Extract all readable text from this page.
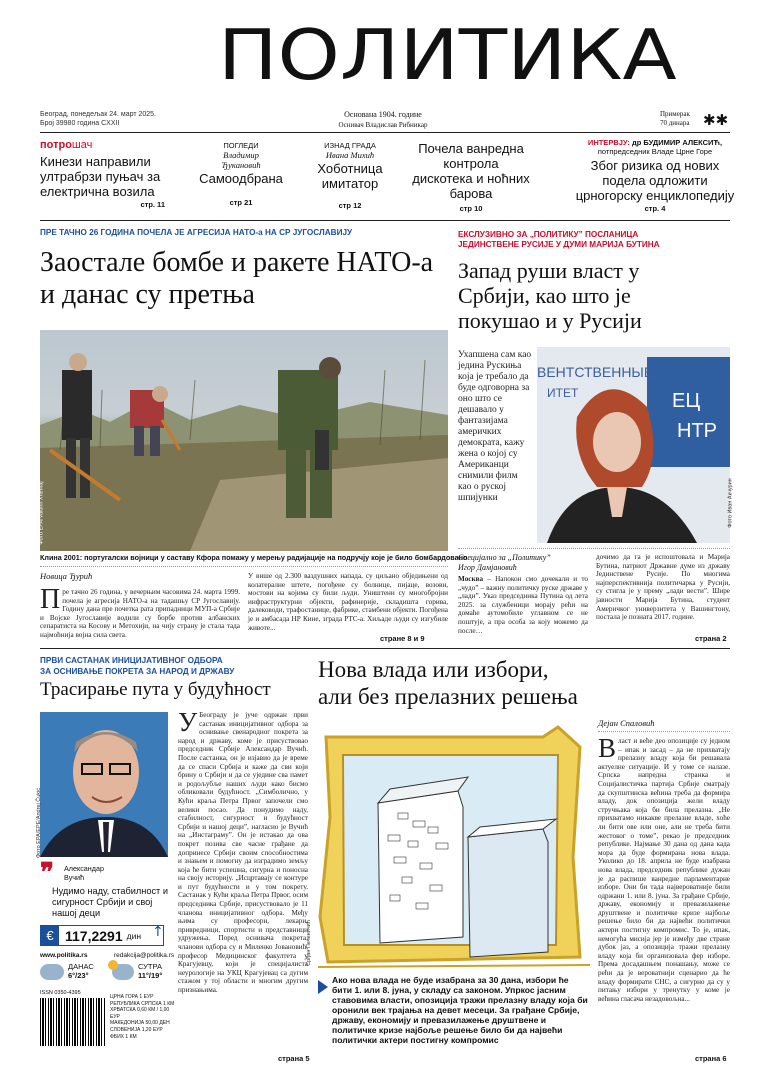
ПОЛИТИКА
Београд, понедељак 24. март 2025.
Број 39980 година CXXII
Основана 1904. године
Оснивач Владислав Рибникар
Примерак
70 динара ✱✱
потрошач
Кинези направили ултрабрзи пуњач за електрична возила
стр. 11
ПОГЛЕДИ
Владимир Ђукановић
Самоодбрана
стр 21
ИЗНАД ГРАДА
Ивана Михић
Хоботница имитатор
стр 12
Почела ванредна контрола дискотека и ноћних барова
стр 10
ИНТЕРВЈУ: др БУДИМИР АЛЕКСИЋ,
потпредседник Владе Црне Горе
Због ризика од нових подела одложити црногорску енциклопедију
стр. 4
ПРЕ ТАЧНО 26 ГОДИНА ПОЧЕЛА ЈЕ АГРЕСИЈА НАТО-а НА СР ЈУГОСЛАВИЈУ
Заостале бомбе и ракете НАТО-а и данас су претња
Фото EPA/Valdrin Xhemaj
Клина 2001: португалски војници у саставу Кфора помажу у мерењу радијације на подручју које је било бомбардовано
Новица Ђурић
Пре тачно 26 година, у вечерњим часовима 24. марта 1999. почела је агресија НАТО-а на тадашњу СР Југославију. Годину дана пре почетка рата припадници МУП-а Србије и Војске Југославије водили су борбе против албанских сепаратиста на Косову и Метохији, на чију страну је стала тада најмоћнија војна сила света.
У више од 2.300 ваздушних напада, су циљано обједињени од колатералне штете, погођене су болнице, пијаце, возови, мостови на којима су били људи. Уништени су многобројни инфраструктурни објекти, рафинерије, складишта горива, далеководи, трафостанице, фабрике, стамбени објекти. Погођена је и амбасада НР Кине, зграда РТС-а. Хиљаде људи су изгубиле животе...
стране 8 и 9
ЕКСЛУЗИВНО ЗА „ПОЛИТИКУ” ПОСЛАНИЦА
ЈЕДИНСТВЕНЕ РУСИЈЕ У ДУМИ МАРИЈА БУТИНА
Запад руши власт у Србији, као што је покушао и у Русији
Ухапшена сам као једина Рускиња која је требало да буде одговорна за оно што се дешавало у фантазијама америчких демократа, кажу жена о којој су Американци снимили филм као о руској шпијунки
ЕЦ
НТР
ВЕНТСТВЕННЫЕ
ИТЕТ
Фото Иван Акчурин
Специјално за „Политику”
Игор Дамјановић
Москва – Напокон смо дочекали и то „чудо” – важну политичку руске државе у „лади”. Указ председника Путина од лета 2025. за службеници морају рећи на домаће аутомобиле углавном се не поштује, а пра особа за коју можемо да после…
дочимо да га је испоштовала и Марија Бутина, патриот Државне думе из државу Јединствене Русије. По многима најперспективнија политичарка у Русији, су стигла је у прему „лади вести”. Шире јавности Марија Бутина, студент Америчког универзитета у Вашингтону, постала је позната 2017. године.
страна 2
ПРВИ САСТАНАК ИНИЦИЈАТИВНОГ ОДБОРА
ЗА ОСНИВАЊЕ ПОКРЕТА ЗА НАРОД И ДРЖАВУ
Трасирање пута у будућност
Фото EPA/EPE/Andrej Čukić
❞ Александар Вучић
Нудимо наду, стабилност и сигурност Србији и свој нашој деци
У Београду је јуче одржан први састанак иницијативног одбора за оснивање свенародног покрета за народ и државу, коме је присуствовао председник Србије Александар Вучић. После састанка, он је изјавио да је време да се спаси Србија и каже да сви који брину о Србији и да се уједине сва памет и родољубље наших људи како бисмо обликовали будућност. „Симболично, у Кући краља Петра Првог започели смо велики посао. Да понудимо наду, стабилност, сигурност и будућност Србији и нашој деци”, нагласио је Вучић на „Инстаграму”. Он је истакао да ова покрет позива све часне грађане да допринесе Србији своим способностима и знањем и помогну да изградимо земљу која ће бити успешна, сигурна и поносна на своју историју. „Исцртавају се контуре и пут будућности и у том покрету. Састанак у Кући краља Петра Првог, осим председника Србије, присуствовало је 11 чланова иницијативног одбора. Међу њима су професори, лекари, привредници, спортисти и представници удружења. Поред оснивача покрета, чланови одбора су и Миленко Јовановић, професор Медицинског факултета у Крагујевцу, који је специјалиста неурологије на УКЦ Крагујевац са дугим стажом у тој области и многим другим признањима.
страна 5
€ 117,2291 дин ↑
www.politika.rs	redakcija@politika.rs
ДАНАС
6°/23°
СУТРА
11°/19°
ISSN 0350-4395
ЦРНА ГОРА 1 ЕУР
РЕПУБЛИКА СРПСКА 1 КМ
ХРВАТСКА 0,60 КМ / 1,00 ЕУР
МАКЕДОНИЈА 50,00 ДЕН
СЛОВЕНИЈА 1,20 ЕУР
ФБИХ 1 КМ
Нова влада или избори,
али без прелазних решења
Cрђан Печеничић
Дејан Спаловић
Власт и веће део опозиције су једном – ипак и засад – да не прихватају прелазну владу која би решавала актуелне ситуације. И у томе се налазе. Српска напредна странка и Социјалистичка партија Србије сматрају да скупштинска већина треба да формира владу, док опозиција жели владу стручњака која би била прелазна. „Не прихватамо никакве прелазне владе, хоће ли бити ове или оне, али не треба бити жестоког о томе”, рекао је председник републике. Најмање 30 дана од дана када мора да буде формирана нова влада. Уколико до 18. априла не буде изабрана нова влада, председник републике дужан је да распише ванредне парламентарне изборе. Они би тада највероватније били одржани 1. или 8. јуна. За грађане Србије, државу, економију и превазилажење друштвене и политичке кризе најбоље решење било би да највећи политички актери постигну компромис. То је, ипак, немогућа мисија јер је између две стране дубок јаз, а опозиција тражи прелазну владу која би организовала фер изборе. Према досадашњем понашању, може се рећи да је вероватнији сценарио да ће владу формирати СНС, а сигурно да су у питању избори у тренутку у коме је већина гласача незадовољна...
Ако нова влада не буде изабрана за 30 дана, избори ће бити 1. или 8. јуна, у складу са законом. Упркос јасним ставовима власти, опозиција тражи прелазну владу која би оронили век трајања на девет месеци. За грађане Србије, државу, економију и превазилажење друштвене и политичке кризе најбоље решење било би да највећи политички актери постигну компромис
страна 6
